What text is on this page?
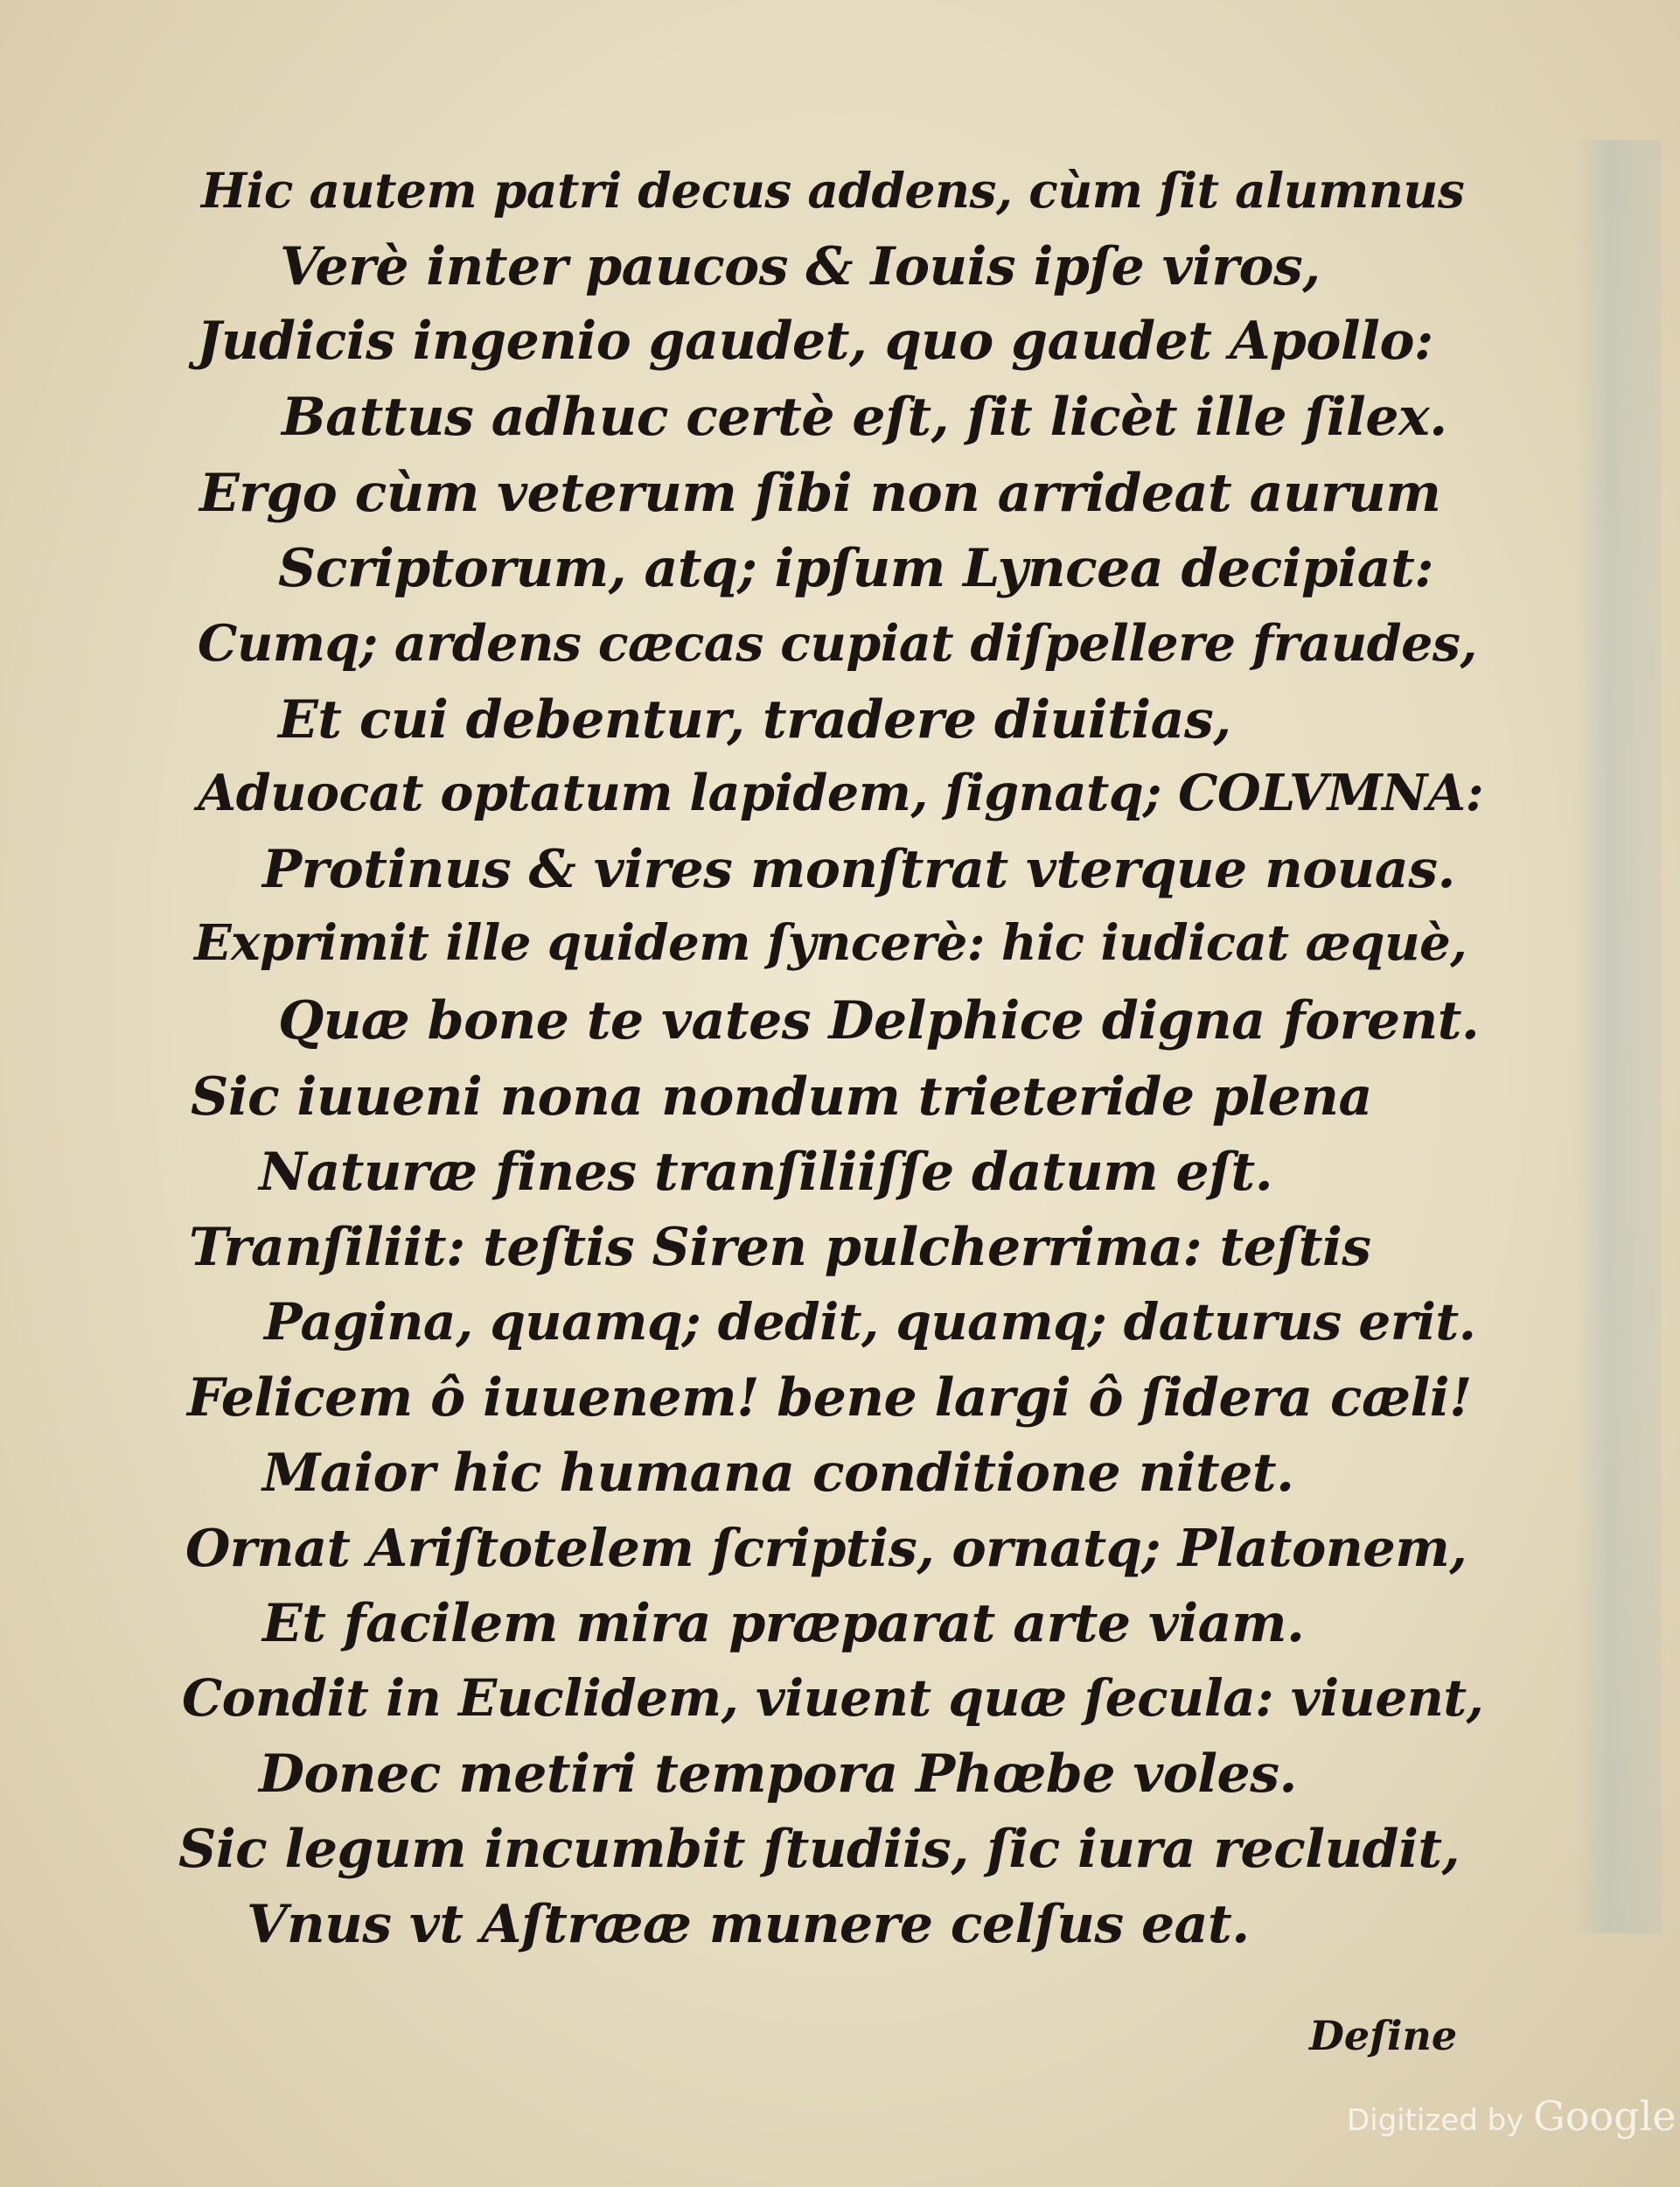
Hic autem patri decus addens, cùm ſit alumnus
Verè inter paucos & Iouis ipſe viros,
Judicis ingenio gaudet, quo gaudet Apollo:
Battus adhuc certè eſt, ſit licèt ille ſilex.
Ergo cùm veterum ſibi non arrideat aurum
Scriptorum, atq; ipſum Lyncea decipiat:
Cumq; ardens cæcas cupiat diſpellere fraudes,
Et cui debentur, tradere diuitias,
Aduocat optatum lapidem, ſignatq; COLVMNA:
Protinus & vires monſtrat vterque nouas.
Exprimit ille quidem ſyncerè: hic iudicat æquè,
Quæ bone te vates Delphice digna forent.
Sic iuueni nona nondum trieteride plena
Naturæ fines tranſiliiſſe datum eſt.
Tranſiliit: teſtis Siren pulcherrima: teſtis
Pagina, quamq; dedit, quamq; daturus erit.
Felicem ô iuuenem! bene largi ô ſidera cæli!
Maior hic humana conditione nitet.
Ornat Ariſtotelem ſcriptis, ornatq; Platonem,
Et facilem mira præparat arte viam.
Condit in Euclidem, viuent quæ ſecula: viuent,
Donec metiri tempora Phœbe voles.
Sic legum incumbit ſtudiis, ſic iura recludit,
Vnus vt Aſtrææ munere celſus eat.
Deſine
Digitized by Google
